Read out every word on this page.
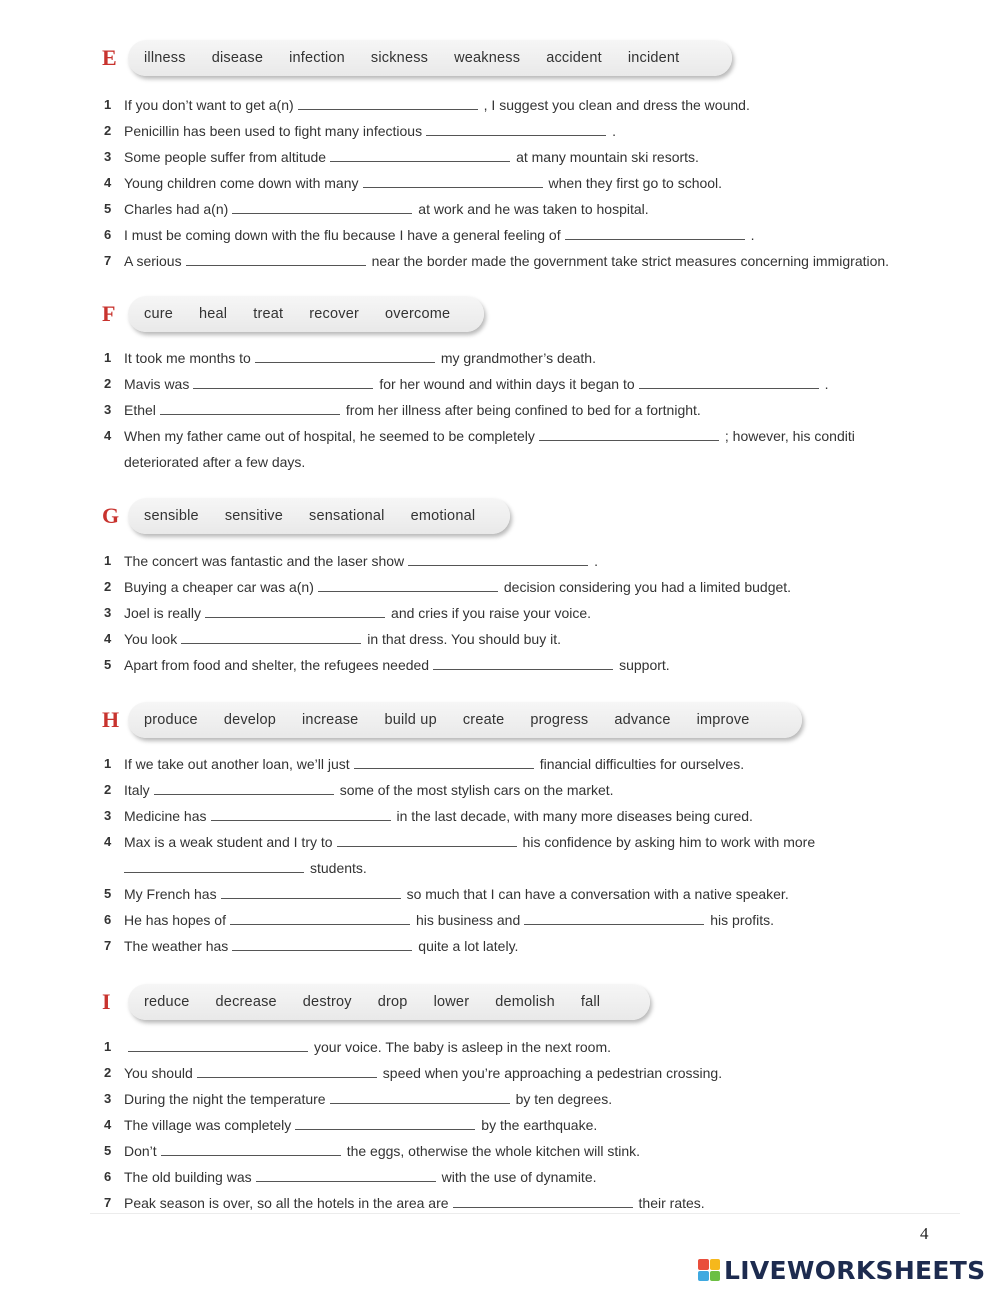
E	illness disease infection sickness weakness accident incident
1 If you don’t want to get a(n)	, I suggest you clean and dress the wound.
2 Penicillin has been used to fight many infectious	.
3 Some people suffer from altitude	at many mountain ski resorts.
4 Young children come down with many	when they first go to school.
5 Charles had a(n)	at work and he was taken to hospital.
6 I must be coming down with the flu because I have a general feeling of	.
7 A serious	near the border made the government take strict measures concerning immigration.
F	cure heal treat recover overcome
1 It took me months to	my grandmother’s death.
2 Mavis was	for her wound and within days it began to	.
3 Ethel	from her illness after being confined to bed for a fortnight.
4 When my father came out of hospital, he seemed to be completely	; however, his conditi
deteriorated after a few days.
G	sensible sensitive sensational emotional
1 The concert was fantastic and the laser show	.
2 Buying a cheaper car was a(n)	decision considering you had a limited budget.
3 Joel is really	and cries if you raise your voice.
4 You look	in that dress. You should buy it.
5 Apart from food and shelter, the refugees needed	support.
H	produce develop increase build up create progress advance improve
1 If we take out another loan, we’ll just	financial difficulties for ourselves.
2 Italy	some of the most stylish cars on the market.
3 Medicine has	in the last decade, with many more diseases being cured.
4 Max is a weak student and I try to	his confidence by asking him to work with more
students.
5 My French has	so much that I can have a conversation with a native speaker.
6 He has hopes of	his business and	his profits.
7 The weather has	quite a lot lately.
I	reduce decrease destroy drop lower demolish fall
1	your voice. The baby is asleep in the next room.
2 You should	speed when you’re approaching a pedestrian crossing.
3 During the night the temperature	by ten degrees.
4 The village was completely	by the earthquake.
5 Don’t	the eggs, otherwise the whole kitchen will stink.
6 The old building was	with the use of dynamite.
7 Peak season is over, so all the hotels in the area are	their rates.
4
LIVEWORKSHEETS
